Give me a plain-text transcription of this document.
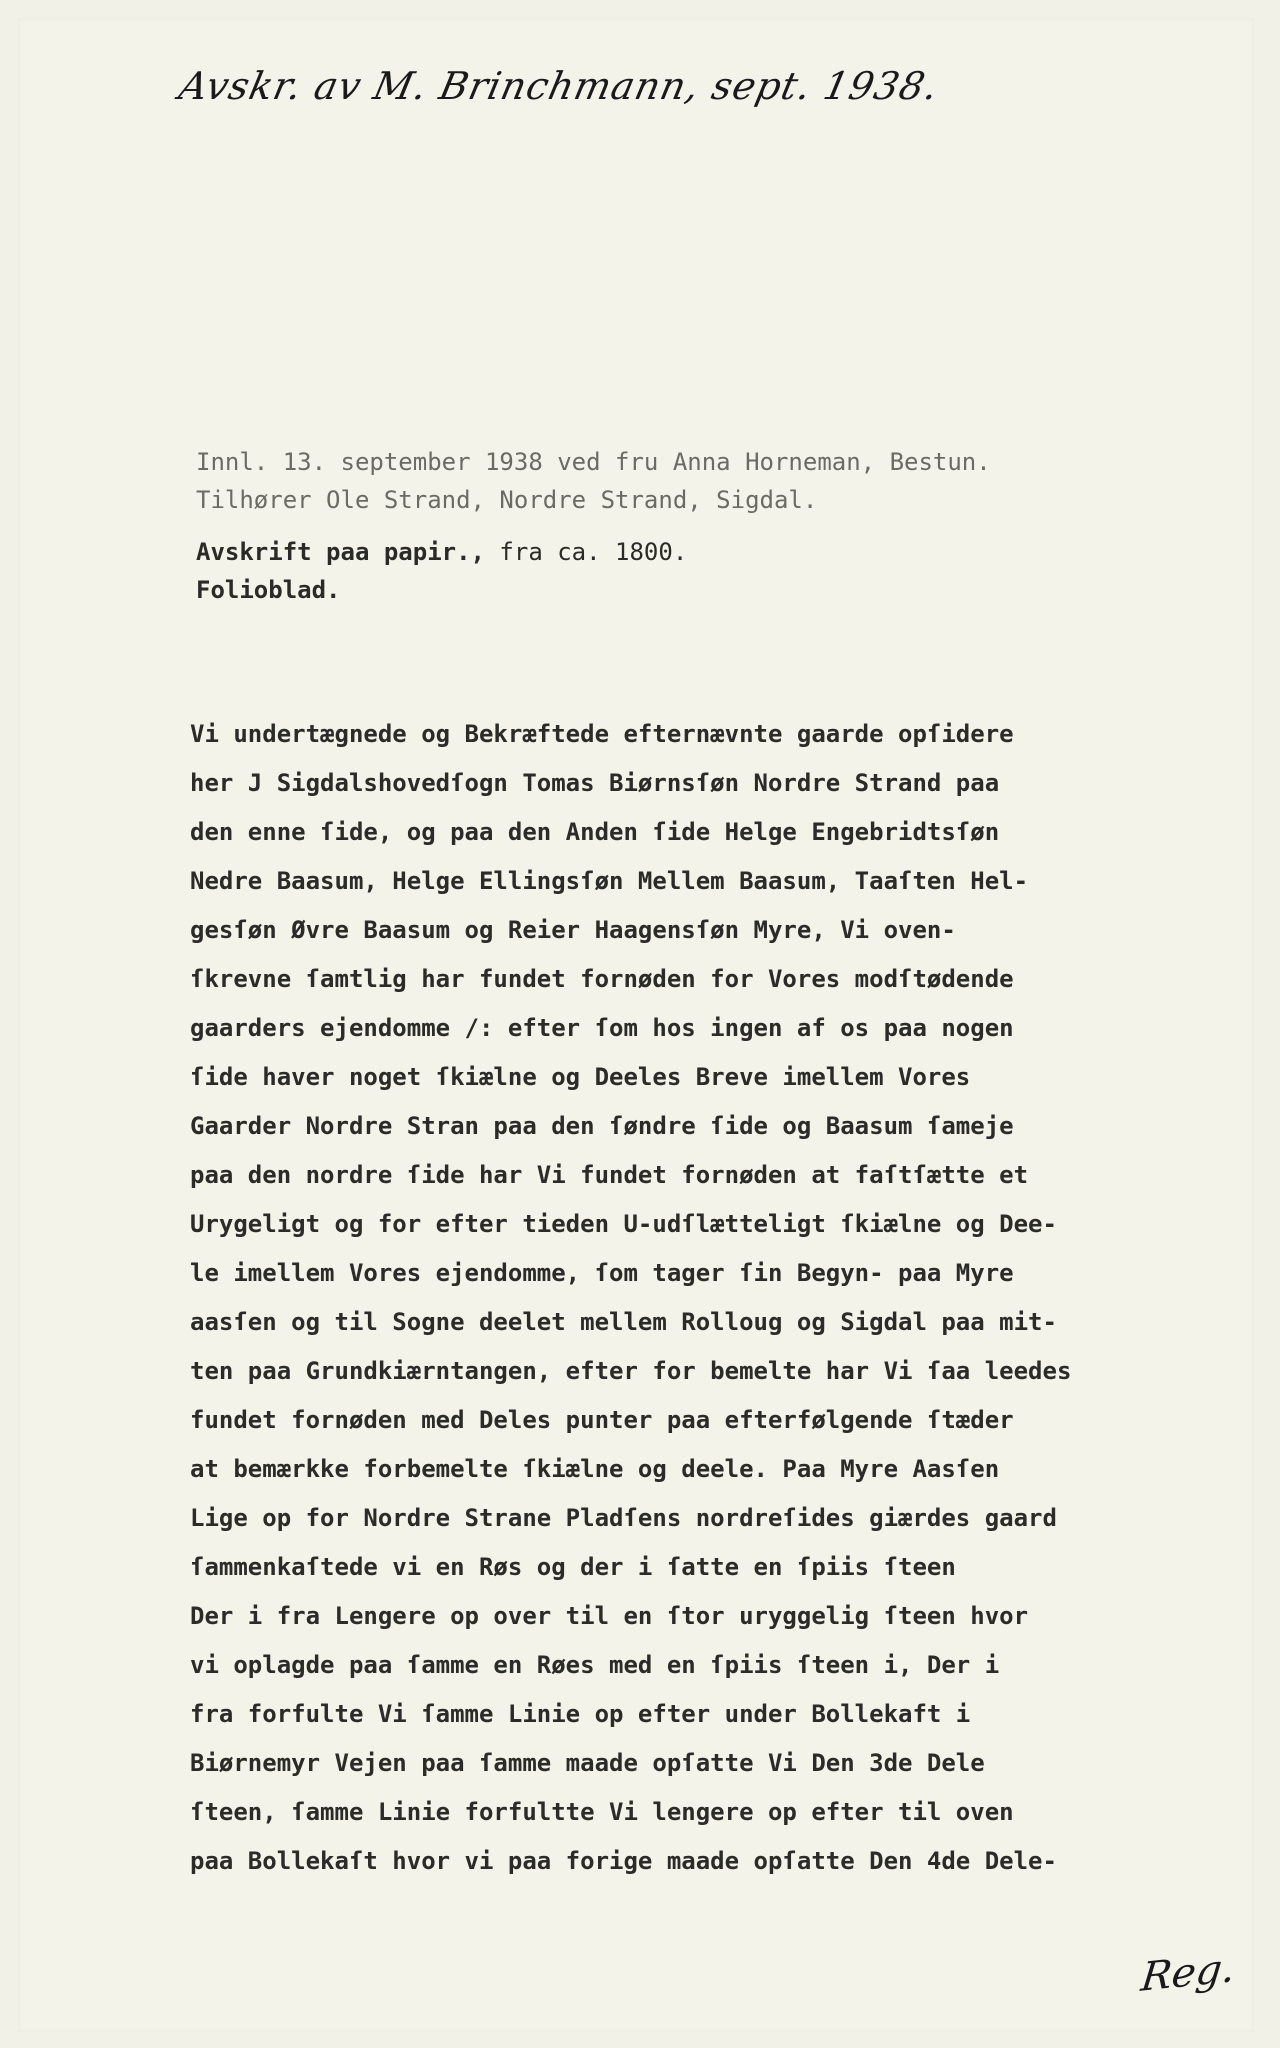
Avskr. av M. Brinchmann, sept. 1938.
Innl. 13. september 1938 ved fru Anna Horneman, Bestun.
Tilhører Ole Strand, Nordre Strand, Sigdal.
Avskrift paa papir., fra ca. 1800.
Folioblad.
Vi undertægnede og Bekræftede efternævnte gaarde opſidere
her J Sigdalshovedſogn Tomas Biørnsſøn Nordre Strand paa
den enne ſide, og paa den Anden ſide Helge Engebridtsſøn
Nedre Baasum, Helge Ellingsſøn Mellem Baasum, Taaſten Hel-
gesſøn Øvre Baasum og Reier Haagensſøn Myre, Vi oven-
ſkrevne ſamtlig har fundet fornøden for Vores modſtødende
gaarders ejendomme /: efter ſom hos ingen af os paa nogen
ſide haver noget ſkiælne og Deeles Breve imellem Vores
Gaarder Nordre Stran paa den ſøndre ſide og Baasum ſameje
paa den nordre ſide har Vi fundet fornøden at faſtſætte et
Urygeligt og for efter tieden U-udſlætteligt ſkiælne og Dee-
le imellem Vores ejendomme, ſom tager ſin Begyn- paa Myre
aasſen og til Sogne deelet mellem Rolloug og Sigdal paa mit-
ten paa Grundkiærntangen, efter for bemelte har Vi ſaa leedes
fundet fornøden med Deles punter paa efterfølgende ſtæder
at bemærkke forbemelte ſkiælne og deele. Paa Myre Aasſen
Lige op for Nordre Strane Pladſens nordreſides giærdes gaard
ſammenkaſtede vi en Røs og der i ſatte en ſpiis ſteen
Der i fra Lengere op over til en ſtor uryggelig ſteen hvor
vi oplagde paa ſamme en Røes med en ſpiis ſteen i, Der i
fra forfulte Vi ſamme Linie op efter under Bollekaft i
Biørnemyr Vejen paa ſamme maade opſatte Vi Den 3de Dele
ſteen, ſamme Linie forfultte Vi lengere op efter til oven
paa Bollekaſt hvor vi paa forige maade opſatte Den 4de Dele-
Reg.
